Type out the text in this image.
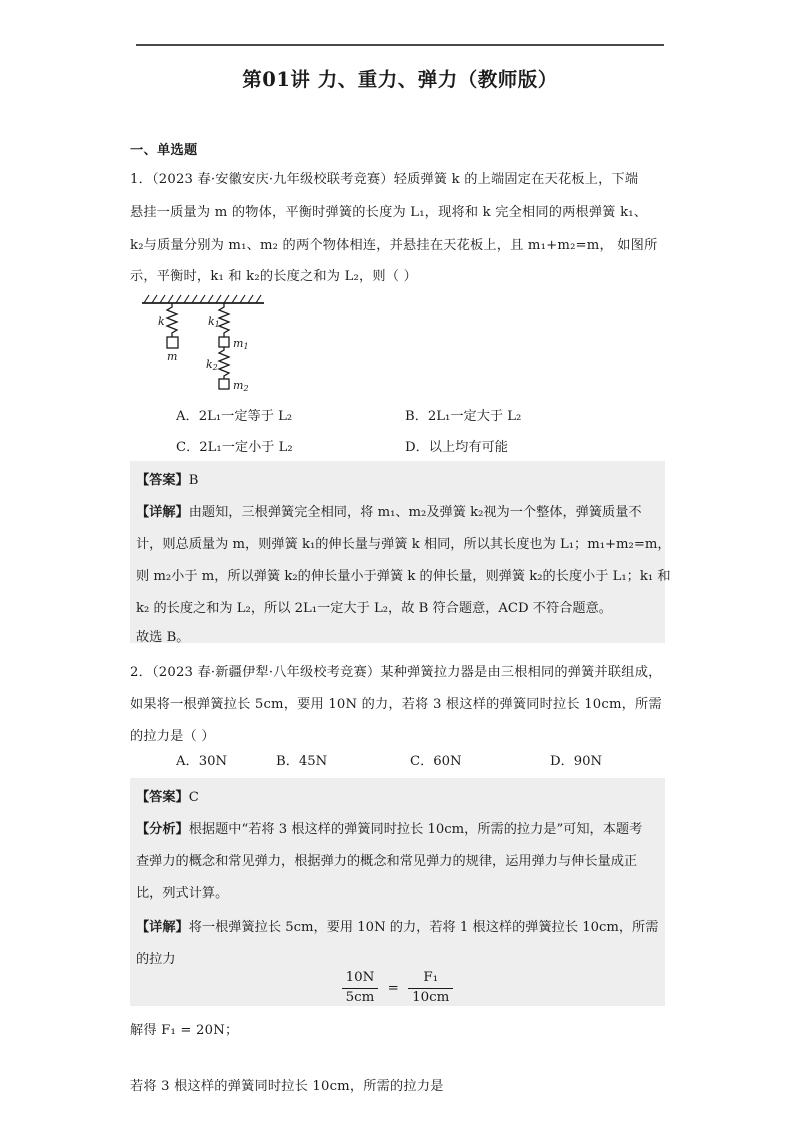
第01讲 力、重力、弹力（教师版）
一、单选题
1．（2023 春·安徽安庆·九年级校联考竞赛）轻质弹簧 k 的上端固定在天花板上，下端
悬挂一质量为 m 的物体，平衡时弹簧的长度为 L₁，现将和 k 完全相同的两根弹簧 k₁、
k₂与质量分别为 m₁、m₂ 的两个物体相连，并悬挂在天花板上，且 m₁+m₂=m， 如图所
示，平衡时，k₁ 和 k₂的长度之和为 L₂，则（ ）
k
m
k1
m1
k2
m2
A．2L₁一定等于 L₂	B．2L₁一定大于 L₂
C．2L₁一定小于 L₂	D．以上均有可能
【答案】B
【详解】由题知，三根弹簧完全相同，将 m₁、m₂及弹簧 k₂视为一个整体，弹簧质量不
计，则总质量为 m，则弹簧 k₁的伸长量与弹簧 k 相同，所以其长度也为 L₁；m₁+m₂=m，
则 m₂小于 m，所以弹簧 k₂的伸长量小于弹簧 k 的伸长量，则弹簧 k₂的长度小于 L₁；k₁ 和
k₂ 的长度之和为 L₂，所以 2L₁一定大于 L₂，故 B 符合题意，ACD 不符合题意。
故选 B。
2．（2023 春·新疆伊犁·八年级校考竞赛）某种弹簧拉力器是由三根相同的弹簧并联组成，
如果将一根弹簧拉长 5cm，要用 10N 的力，若将 3 根这样的弹簧同时拉长 10cm，所需
的拉力是（ ）
A．30N	B．45N	C．60N	D．90N
【答案】C
【分析】根据题中“若将 3 根这样的弹簧同时拉长 10cm，所需的拉力是”可知，本题考
查弹力的概念和常见弹力，根据弹力的概念和常见弹力的规律，运用弹力与伸长量成正
比，列式计算。
【详解】将一根弹簧拉长 5cm，要用 10N 的力，若将 1 根这样的弹簧拉长 10cm，所需
的拉力
$\frac{10N}{5cm} = \frac{\text{F₁}}{10cm}$
解得 F₁ = 20N；
若将 3 根这样的弹簧同时拉长 10cm，所需的拉力是
